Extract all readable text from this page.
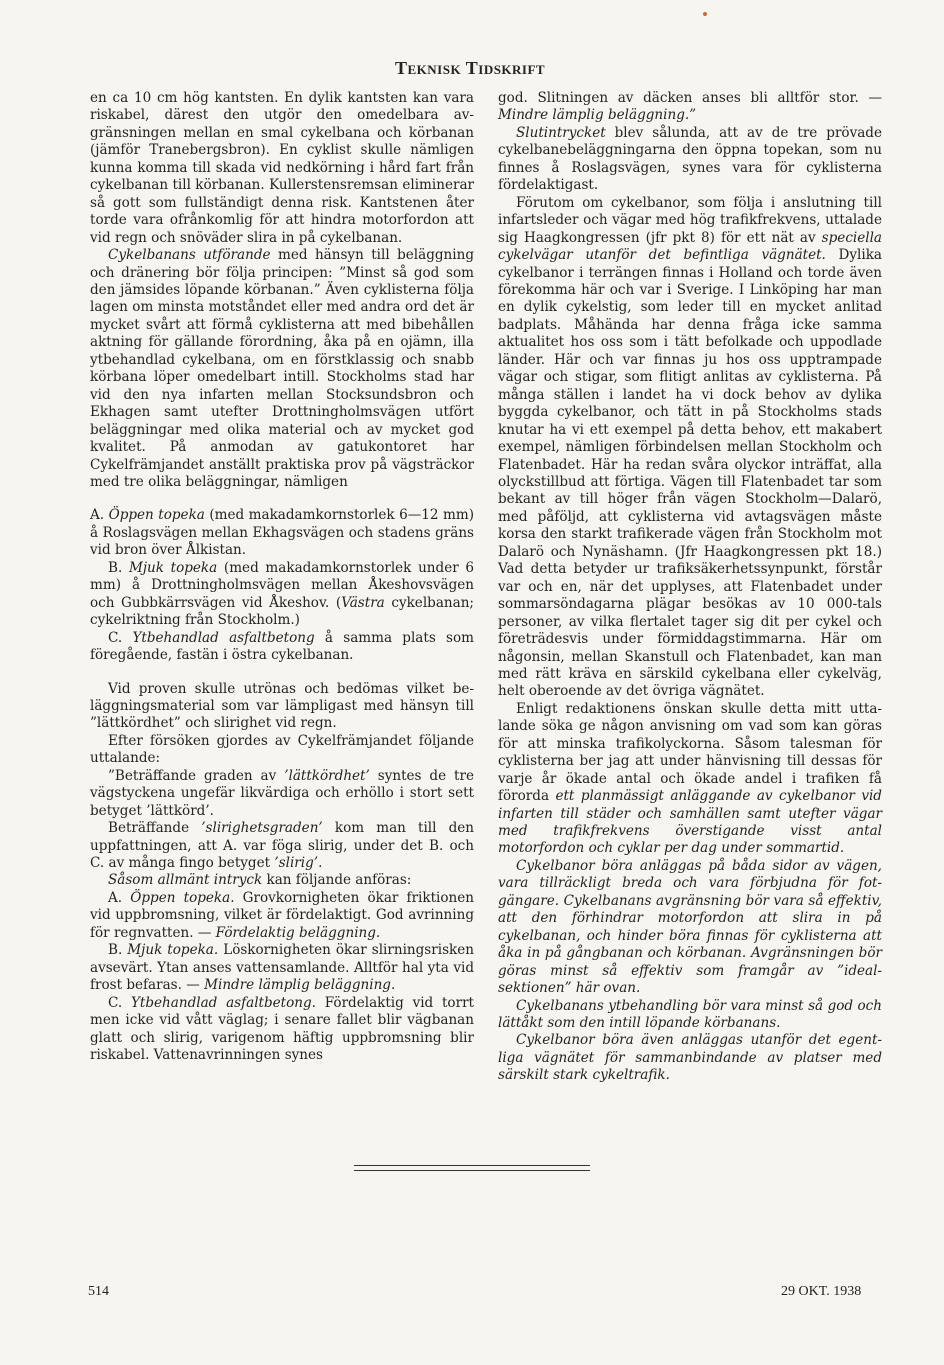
Teknisk Tidskrift

en ca 10 cm hög kantsten. En dylik kantsten kan vara riskabel, därest den utgör den omedelbara avgränsningen mellan en smal cykelbana och körbanan (jämför Tranebergsbron). En cyklist skulle nämligen kunna komma till skada vid nedkörning i hård fart från cykelbanan till körbanan. Kullerstensremsan eliminerar så gott som fullständigt denna risk. Kantstenen åter torde vara ofrånkomlig för att hindra motorfordon att vid regn och snöväder slira in på cykelbanan.

Cykelbanans utförande med hänsyn till beläggning och dränering bör följa principen: ”Minst så god som den jämsides löpande körbanan.” Även cyklisterna följa lagen om minsta motståndet eller med andra ord det är mycket svårt att förmå cyklisterna att med bibehållen aktning för gällande förordning, åka på en ojämn, illa ytbehandlad cykelbana, om en förstklassig och snabb körbana löper omedelbart intill. Stockholms stad har vid den nya infarten mellan Stocksundsbron och Ekhagen samt utefter Drottningholmsvägen utfört beläggningar med olika material och av mycket god kvalitet. På anmodan av gatukontoret har Cykelfrämjandet anställt praktiska prov på vägsträckor med tre olika beläggningar, nämligen

A. Öppen topeka (med makadamkornstorlek 6—12 mm) å Roslagsvägen mellan Ekhagsvägen och stadens gräns vid bron över Ålkistan.

B. Mjuk topeka (med makadamkornstorlek under 6 mm) å Drottningholmsvägen mellan Åkeshovsvägen och Gubbkärrsvägen vid Åkeshov. (Västra cykelbanan; cykelriktning från Stockholm.)

C. Ytbehandlad asfaltbetong å samma plats som föregående, fastän i östra cykelbanan.

Vid proven skulle utrönas och bedömas vilket beläggningsmaterial som var lämpligast med hänsyn till ”lättkördhet” och slirighet vid regn.

Efter försöken gjordes av Cykelfrämjandet följande uttalande:

”Beträffande graden av ’lättkördhet’ syntes de tre vägstyckena ungefär likvärdiga och erhöllo i stort sett betyget ’lättkörd’.

Beträffande ’slirighetsgraden’ kom man till den uppfattningen, att A. var föga slirig, under det B. och C. av många fingo betyget ’slirig’.

Såsom allmänt intryck kan följande anföras:

A. Öppen topeka. Grovkornigheten ökar friktionen vid uppbromsning, vilket är fördelaktigt. God avrinning för regnvatten. — Fördelaktig beläggning.

B. Mjuk topeka. Löskornigheten ökar slirningsrisken avsevärt. Ytan anses vattensamlande. Alltför hal yta vid frost befaras. — Mindre lämplig beläggning.

C. Ytbehandlad asfaltbetong. Fördelaktig vid torrt men icke vid vått väglag; i senare fallet blir vägbanan glatt och slirig, varigenom häftig uppbromsning blir riskabel. Vattenavrinningen synes

god. Slitningen av däcken anses bli alltför stor. — Mindre lämplig beläggning.”

Slutintrycket blev sålunda, att av de tre prövade cykelbanebeläggningarna den öppna topekan, som nu finnes å Roslagsvägen, synes vara för cyklisterna fördelaktigast.

Förutom om cykelbanor, som följa i anslutning till infartsleder och vägar med hög trafikfrekvens, uttalade sig Haagkongressen (jfr pkt 8) för ett nät av speciella cykelvägar utanför det befintliga vägnätet. Dylika cykelbanor i terrängen finnas i Holland och torde även förekomma här och var i Sverige. I Linköping har man en dylik cykelstig, som leder till en mycket anlitad badplats. Måhända har denna fråga icke samma aktualitet hos oss som i tätt befolkade och uppodlade länder. Här och var finnas ju hos oss upptrampade vägar och stigar, som flitigt anlitas av cyklisterna. På många ställen i landet ha vi dock behov av dylika byggda cykelbanor, och tätt in på Stockholms stads knutar ha vi ett exempel på detta behov, ett makabert exempel, nämligen förbindelsen mellan Stockholm och Flatenbadet. Här ha redan svåra olyckor inträffat, alla olyckstillbud att förtiga. Vägen till Flatenbadet tar som bekant av till höger från vägen Stockholm—Dalarö, med påföljd, att cyklisterna vid avtagsvägen måste korsa den starkt trafikerade vägen från Stockholm mot Dalarö och Nynäshamn. (Jfr Haagkongressen pkt 18.) Vad detta betyder ur trafiksäkerhetssynpunkt, förstår var och en, när det upplyses, att Flatenbadet under sommarsöndagarna plägar besökas av 10 000-tals personer, av vilka flertalet tager sig dit per cykel och företrädesvis under förmiddagstimmarna. Här om någonsin, mellan Skanstull och Flatenbadet, kan man med rätt kräva en särskild cykelbana eller cykelväg, helt oberoende av det övriga vägnätet.

Enligt redaktionens önskan skulle detta mitt uttalande söka ge någon anvisning om vad som kan göras för att minska trafikolyckorna. Såsom talesman för cyklisterna ber jag att under hänvisning till dessas för varje år ökade antal och ökade andel i trafiken få förorda ett planmässigt anläggande av cykelbanor vid infarten till städer och samhällen samt utefter vägar med trafikfrekvens överstigande visst antal motorfordon och cyklar per dag under sommartid.

Cykelbanor böra anläggas på båda sidor av vägen, vara tillräckligt breda och vara förbjudna för fotgängare. Cykelbanans avgränsning bör vara så effektiv, att den förhindrar motorfordon att slira in på cykelbanan, och hinder böra finnas för cyklisterna att åka in på gångbanan och körbanan. Avgränsningen bör göras minst så effektiv som framgår av ”idealsektionen” här ovan.

Cykelbanans ytbehandling bör vara minst så god och lättåkt som den intill löpande körbanans.

Cykelbanor böra även anläggas utanför det egentliga vägnätet för sammanbindande av platser med särskilt stark cykeltrafik.

514	29 OKT. 1938
